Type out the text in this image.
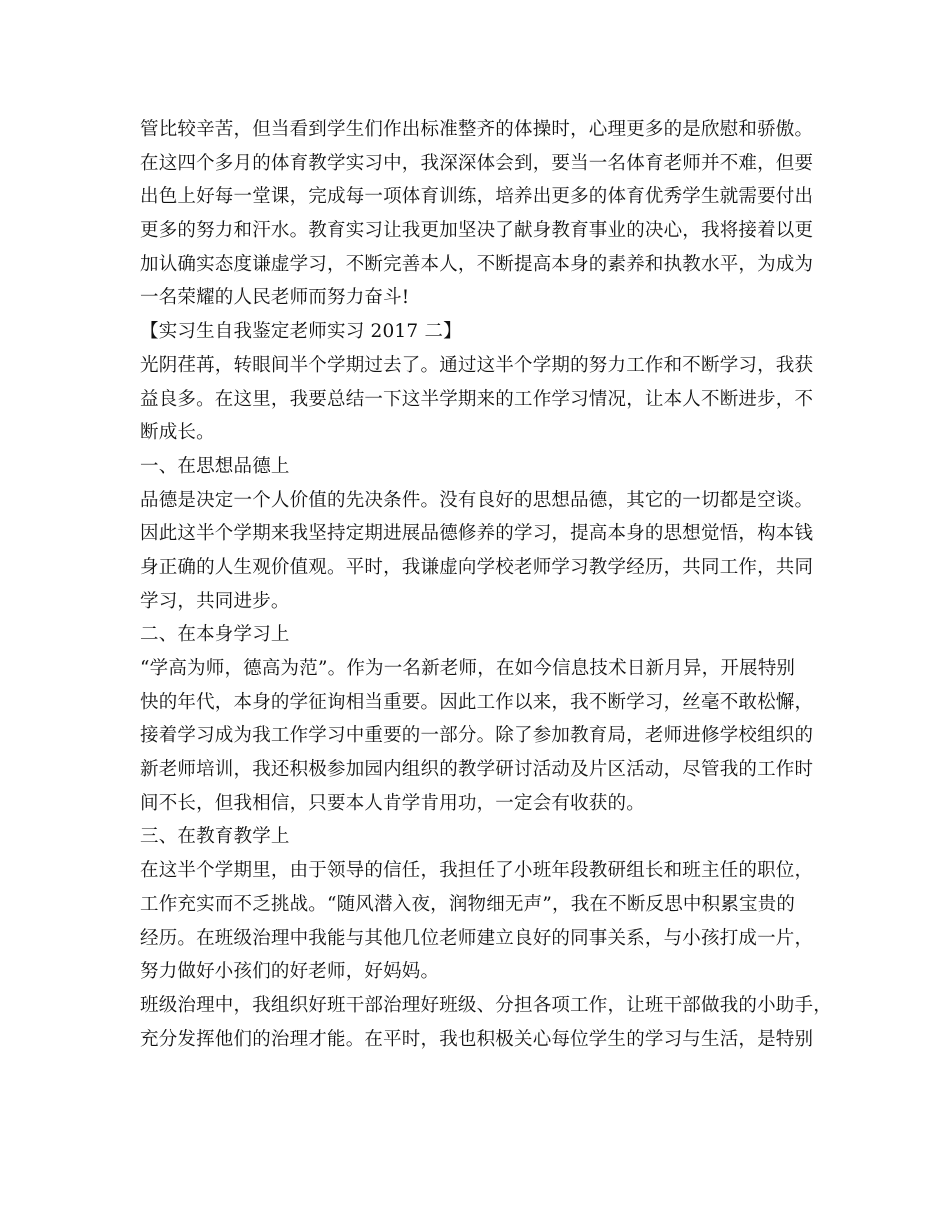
管比较辛苦，但当看到学生们作出标准整齐的体操时，心理更多的是欣慰和骄傲。
在这四个多月的体育教学实习中，我深深体会到，要当一名体育老师并不难，但要
出色上好每一堂课，完成每一项体育训练，培养出更多的体育优秀学生就需要付出
更多的努力和汗水。教育实习让我更加坚决了献身教育事业的决心，我将接着以更
加认确实态度谦虚学习，不断完善本人，不断提高本身的素养和执教水平，为成为
一名荣耀的人民老师而努力奋斗!
【实习生自我鉴定老师实习 2017 二】
光阴荏苒，转眼间半个学期过去了。通过这半个学期的努力工作和不断学习，我获
益良多。在这里，我要总结一下这半学期来的工作学习情况，让本人不断进步，不
断成长。
一、在思想品德上
品德是决定一个人价值的先决条件。没有良好的思想品德，其它的一切都是空谈。
因此这半个学期来我坚持定期进展品德修养的学习，提高本身的思想觉悟，构本钱
身正确的人生观价值观。平时，我谦虚向学校老师学习教学经历，共同工作，共同
学习，共同进步。
二、在本身学习上
“学高为师，德高为范”。作为一名新老师，在如今信息技术日新月异，开展特别
快的年代，本身的学征询相当重要。因此工作以来，我不断学习，丝毫不敢松懈，
接着学习成为我工作学习中重要的一部分。除了参加教育局，老师进修学校组织的
新老师培训，我还积极参加园内组织的教学研讨活动及片区活动，尽管我的工作时
间不长，但我相信，只要本人肯学肯用功，一定会有收获的。
三、在教育教学上
在这半个学期里，由于领导的信任，我担任了小班年段教研组长和班主任的职位，
工作充实而不乏挑战。“随风潜入夜，润物细无声”，我在不断反思中积累宝贵的
经历。在班级治理中我能与其他几位老师建立良好的同事关系，与小孩打成一片，
努力做好小孩们的好老师，好妈妈。
班级治理中，我组织好班干部治理好班级、分担各项工作，让班干部做我的小助手，
充分发挥他们的治理才能。在平时，我也积极关心每位学生的学习与生活，是特别
